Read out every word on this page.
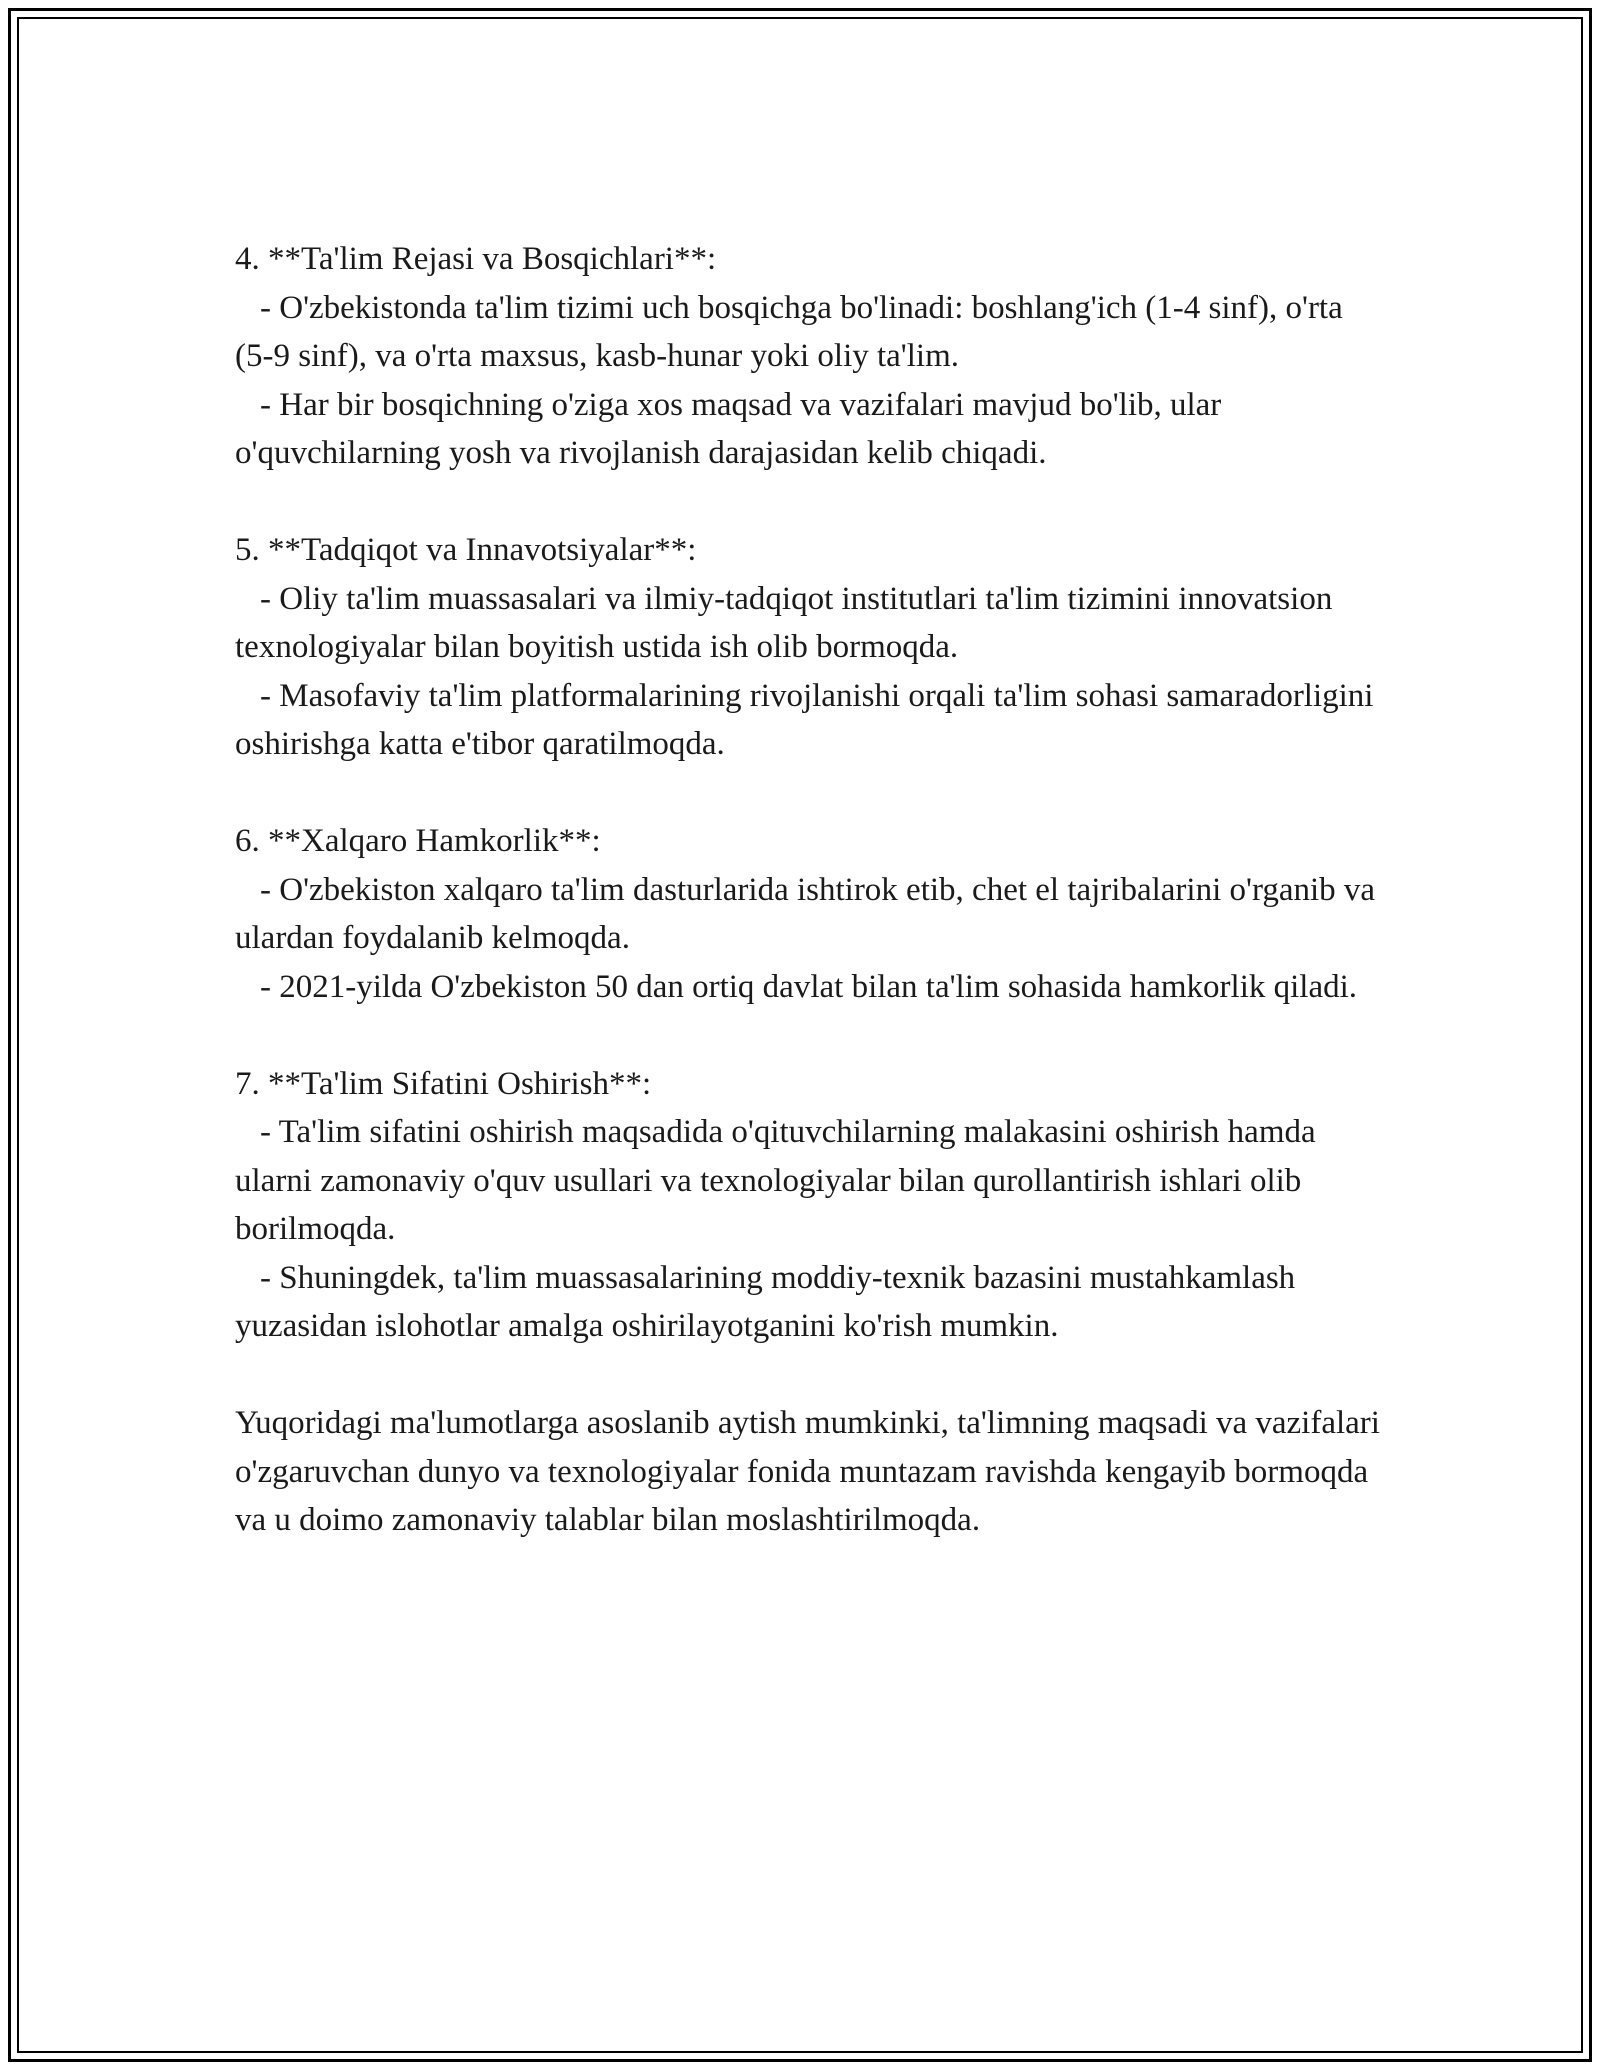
4. **Ta'lim Rejasi va Bosqichlari**:

- O'zbekistonda ta'lim tizimi uch bosqichga bo'linadi: boshlang'ich (1-4 sinf), o'rta (5-9 sinf), va o'rta maxsus, kasb-hunar yoki oliy ta'lim.

- Har bir bosqichning o'ziga xos maqsad va vazifalari mavjud bo'lib, ular o'quvchilarning yosh va rivojlanish darajasidan kelib chiqadi.

5. **Tadqiqot va Innavotsiyalar**:

- Oliy ta'lim muassasalari va ilmiy-tadqiqot institutlari ta'lim tizimini innovatsion texnologiyalar bilan boyitish ustida ish olib bormoqda.

- Masofaviy ta'lim platformalarining rivojlanishi orqali ta'lim sohasi samaradorligini oshirishga katta e'tibor qaratilmoqda.

6. **Xalqaro Hamkorlik**:

- O'zbekiston xalqaro ta'lim dasturlarida ishtirok etib, chet el tajribalarini o'rganib va ulardan foydalanib kelmoqda.

- 2021-yilda O'zbekiston 50 dan ortiq davlat bilan ta'lim sohasida hamkorlik qiladi.

7. **Ta'lim Sifatini Oshirish**:

- Ta'lim sifatini oshirish maqsadida o'qituvchilarning malakasini oshirish hamda ularni zamonaviy o'quv usullari va texnologiyalar bilan qurollantirish ishlari olib borilmoqda.

- Shuningdek, ta'lim muassasalarining moddiy-texnik bazasini mustahkamlash yuzasidan islohotlar amalga oshirilayotganini ko'rish mumkin.

Yuqoridagi ma'lumotlarga asoslanib aytish mumkinki, ta'limning maqsadi va vazifalari o'zgaruvchan dunyo va texnologiyalar fonida muntazam ravishda kengayib bormoqda va u doimo zamonaviy talablar bilan moslashtirilmoqda.
